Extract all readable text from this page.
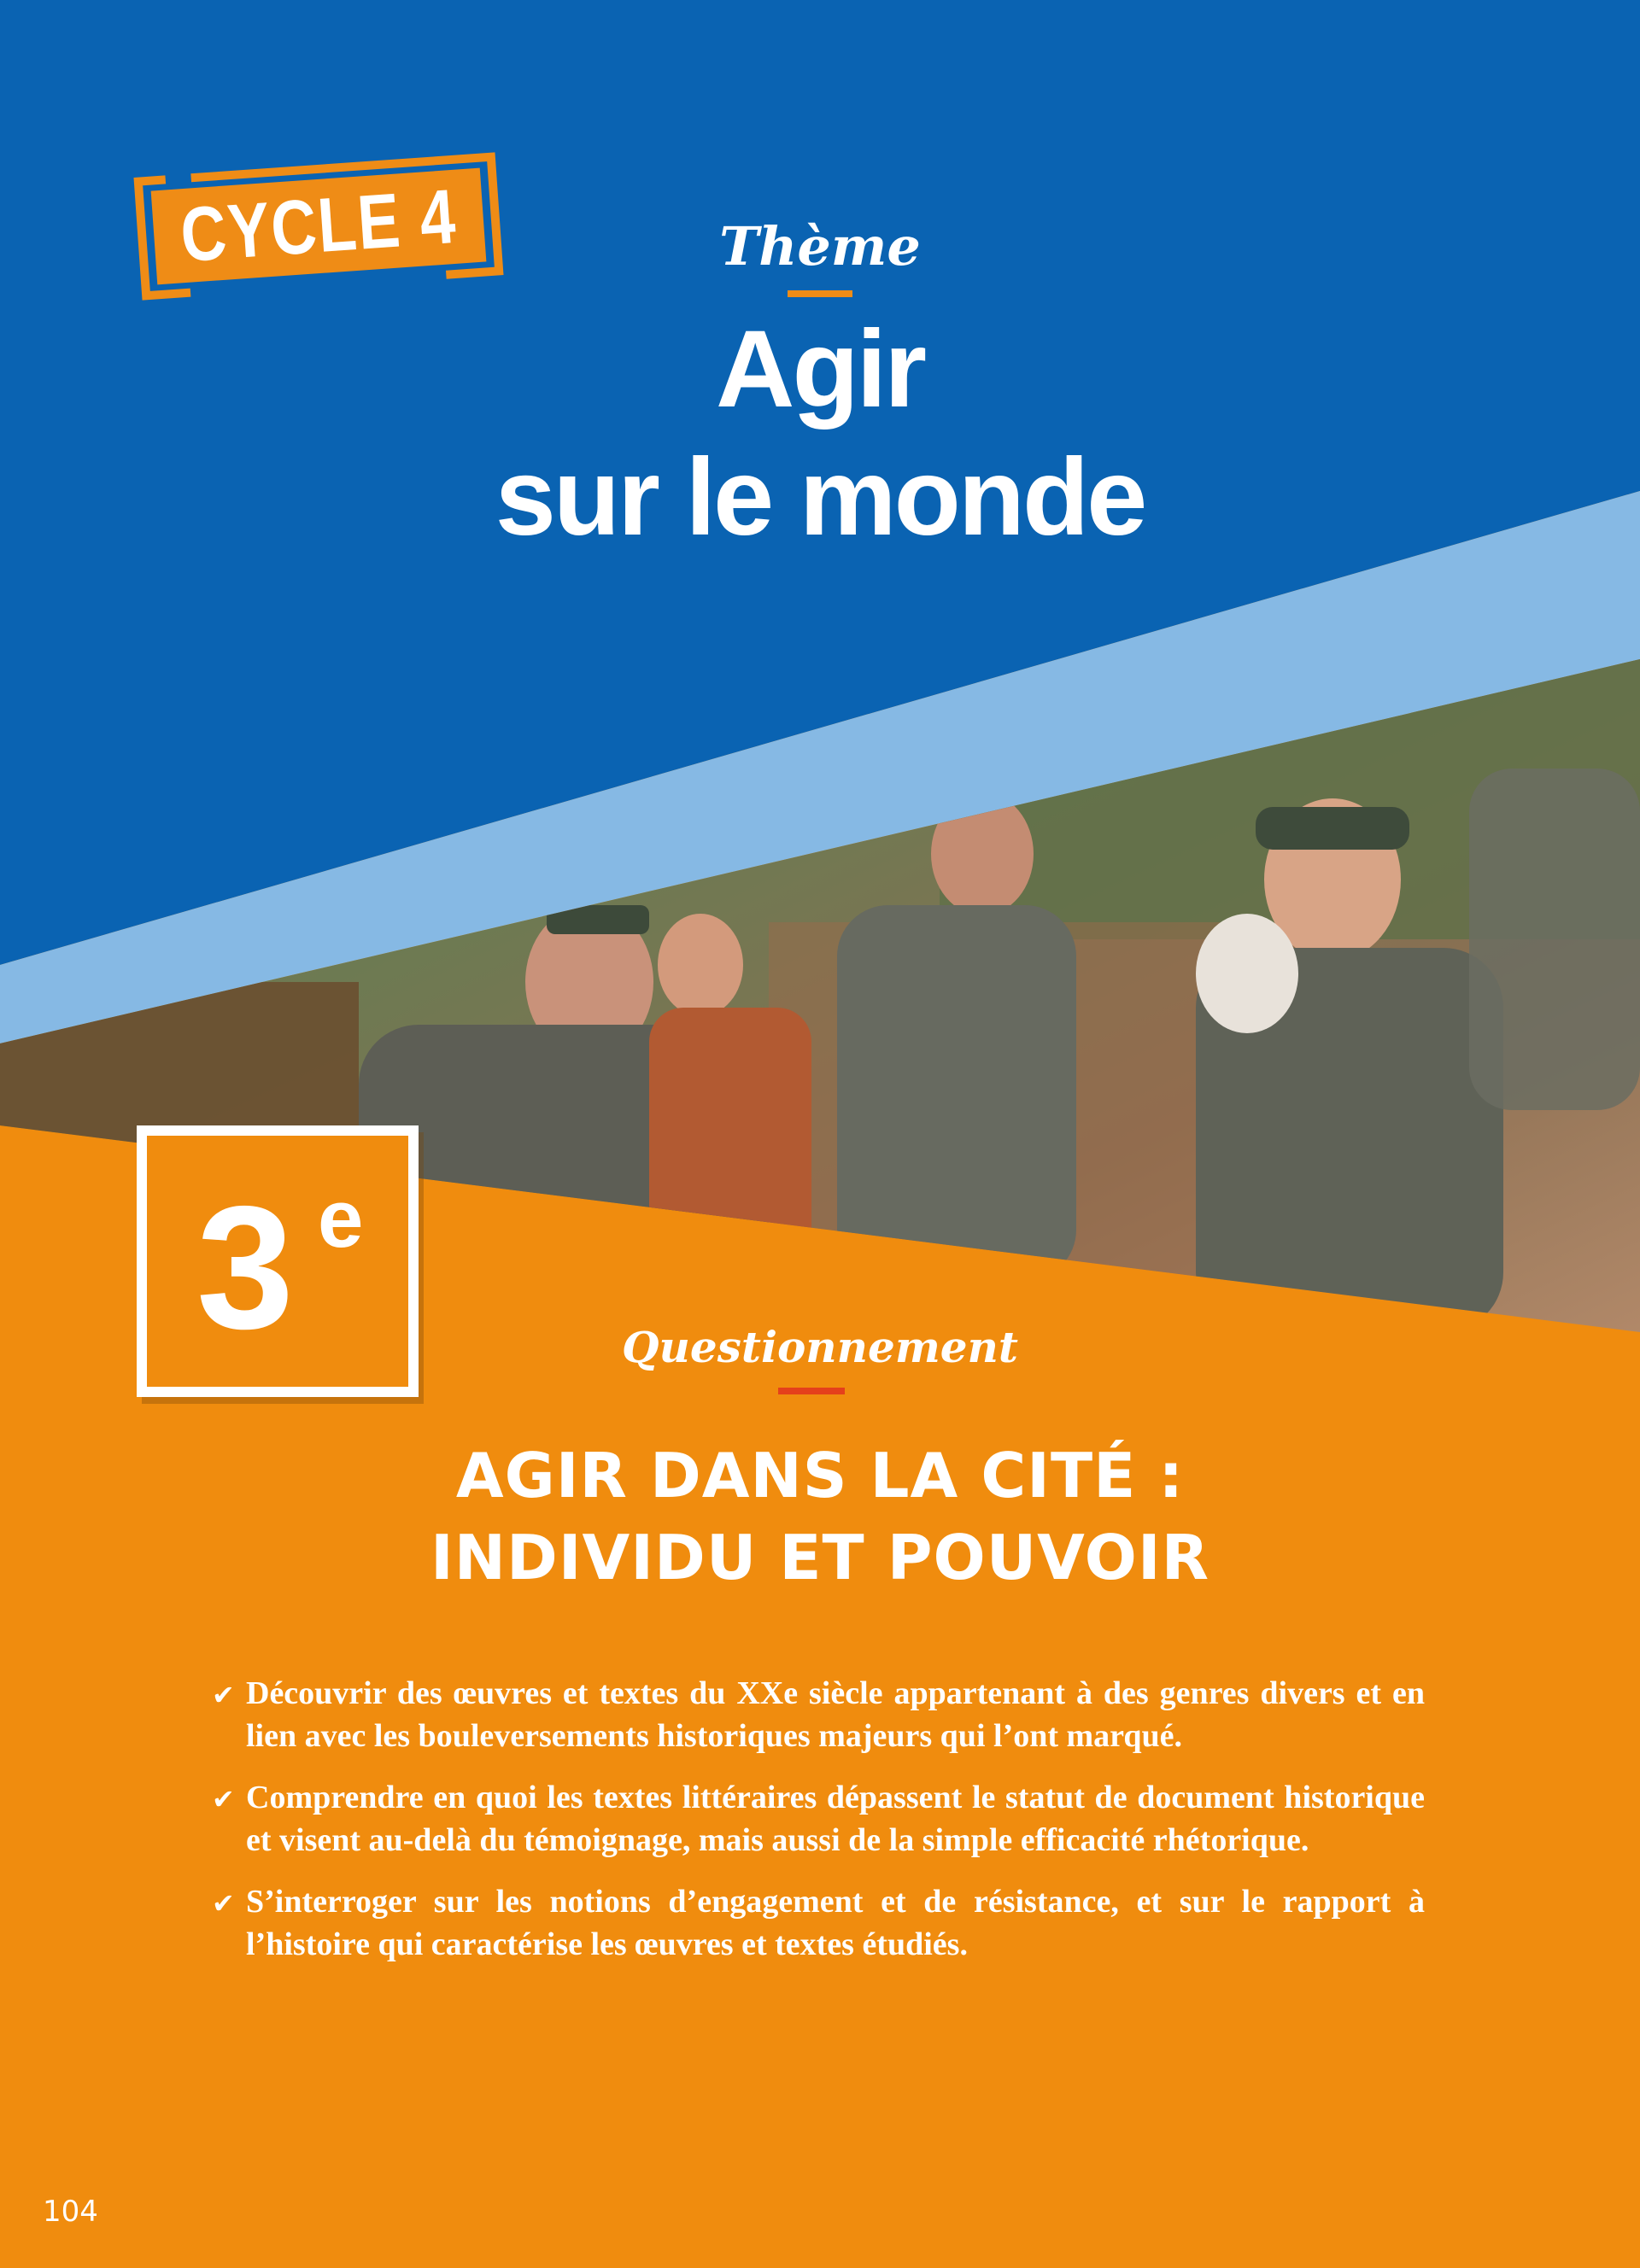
CYCLE 4	Thème
Agir
sur le monde
3 e
Questionnement
AGIR DANS LA CITÉ :
INDIVIDU ET POUVOIR
✔ Découvrir des œuvres et textes du XXe siècle appartenant à des genres divers et en lien avec les bouleversements historiques majeurs qui l’ont marqué.
✔ Comprendre en quoi les textes littéraires dépassent le statut de document historique et visent au-delà du témoignage, mais aussi de la simple efficacité rhétorique.
✔ S’interroger sur les notions d’engagement et de résistance, et sur le rapport à l’histoire qui caractérise les œuvres et textes étudiés.
104
